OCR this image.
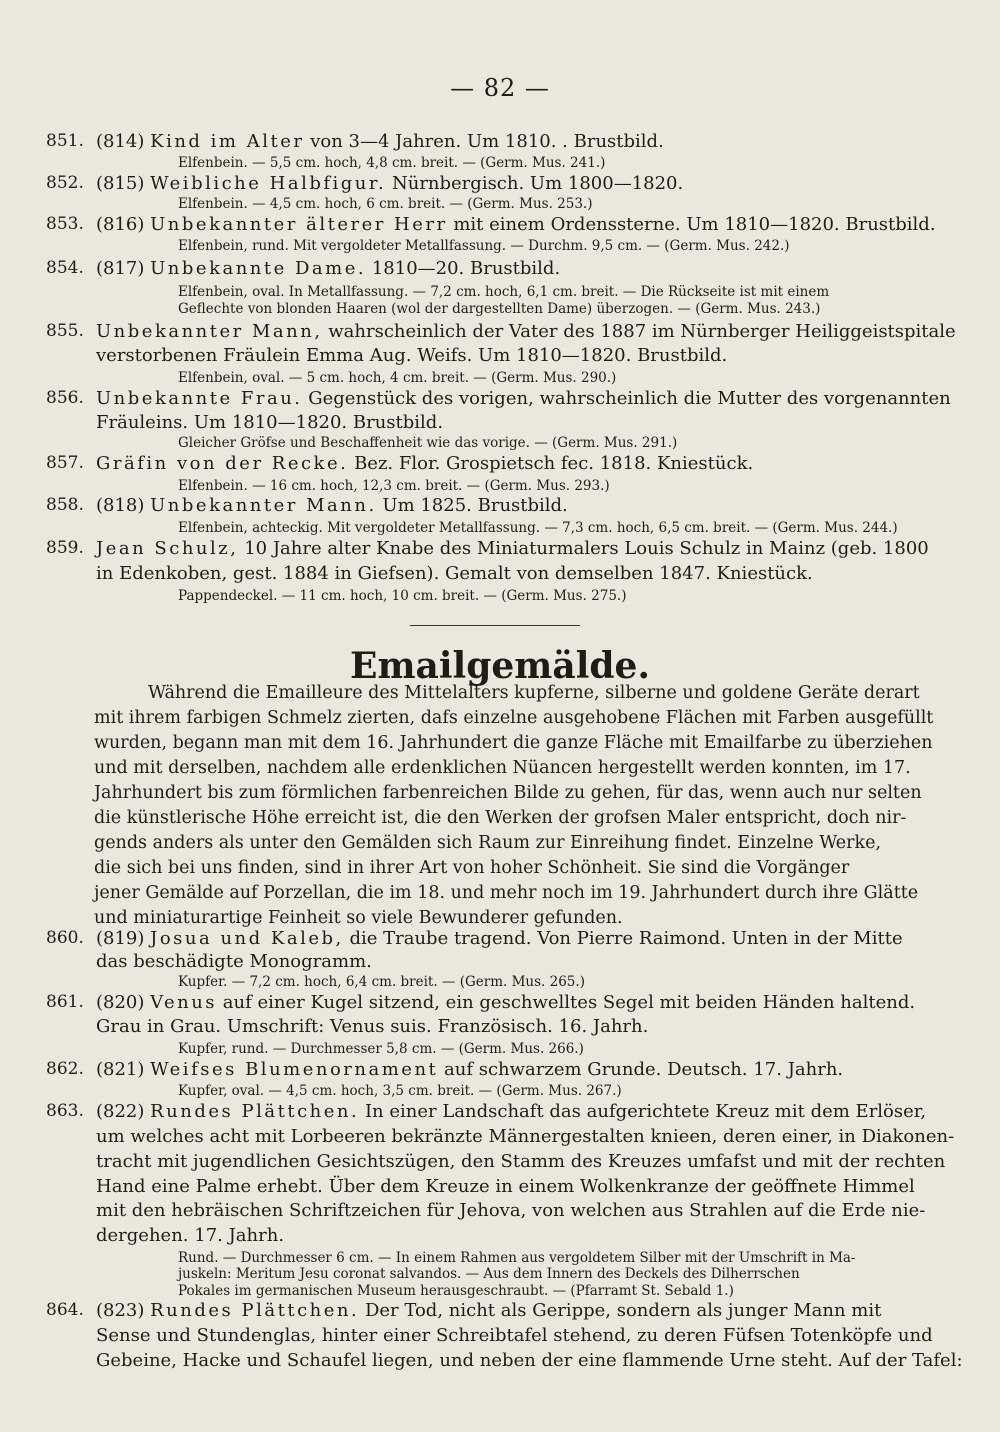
— 82 —
851. (814) Kind im Alter von 3—4 Jahren. Um 1810. . Brustbild.
Elfenbein. — 5,5 cm. hoch, 4,8 cm. breit. — (Germ. Mus. 241.)
852. (815) Weibliche Halbfigur. Nürnbergisch. Um 1800—1820.
Elfenbein. — 4,5 cm. hoch, 6 cm. breit. — (Germ. Mus. 253.)
853. (816) Unbekannter älterer Herr mit einem Ordenssterne. Um 1810—1820. Brustbild.
Elfenbein, rund. Mit vergoldeter Metallfassung. — Durchm. 9,5 cm. — (Germ. Mus. 242.)
854. (817) Unbekannte Dame. 1810—20. Brustbild.
Elfenbein, oval. In Metallfassung. — 7,2 cm. hoch, 6,1 cm. breit. — Die Rückseite ist mit einem
Geflechte von blonden Haaren (wol der dargestellten Dame) überzogen. — (Germ. Mus. 243.)
855. Unbekannter Mann, wahrscheinlich der Vater des 1887 im Nürnberger Heiliggeistspitale
verstorbenen Fräulein Emma Aug. Weifs. Um 1810—1820. Brustbild.
Elfenbein, oval. — 5 cm. hoch, 4 cm. breit. — (Germ. Mus. 290.)
856. Unbekannte Frau. Gegenstück des vorigen, wahrscheinlich die Mutter des vorgenannten
Fräuleins. Um 1810—1820. Brustbild.
Gleicher Gröfse und Beschaffenheit wie das vorige. — (Germ. Mus. 291.)
857. Gräfin von der Recke. Bez. Flor. Grospietsch fec. 1818. Kniestück.
Elfenbein. — 16 cm. hoch, 12,3 cm. breit. — (Germ. Mus. 293.)
858. (818) Unbekannter Mann. Um 1825. Brustbild.
Elfenbein, achteckig. Mit vergoldeter Metallfassung. — 7,3 cm. hoch, 6,5 cm. breit. — (Germ. Mus. 244.)
859. Jean Schulz, 10 Jahre alter Knabe des Miniaturmalers Louis Schulz in Mainz (geb. 1800
in Edenkoben, gest. 1884 in Giefsen). Gemalt von demselben 1847. Kniestück.
Pappendeckel. — 11 cm. hoch, 10 cm. breit. — (Germ. Mus. 275.)
Emailgemälde.
Während die Emailleure des Mittelalters kupferne, silberne und goldene Geräte derart
mit ihrem farbigen Schmelz zierten, dafs einzelne ausgehobene Flächen mit Farben ausgefüllt
wurden, begann man mit dem 16. Jahrhundert die ganze Fläche mit Emailfarbe zu überziehen
und mit derselben, nachdem alle erdenklichen Nüancen hergestellt werden konnten, im 17.
Jahrhundert bis zum förmlichen farbenreichen Bilde zu gehen, für das, wenn auch nur selten
die künstlerische Höhe erreicht ist, die den Werken der grofsen Maler entspricht, doch nir-
gends anders als unter den Gemälden sich Raum zur Einreihung findet. Einzelne Werke,
die sich bei uns finden, sind in ihrer Art von hoher Schönheit. Sie sind die Vorgänger
jener Gemälde auf Porzellan, die im 18. und mehr noch im 19. Jahrhundert durch ihre Glätte
und miniaturartige Feinheit so viele Bewunderer gefunden.
860. (819) Josua und Kaleb, die Traube tragend. Von Pierre Raimond. Unten in der Mitte
das beschädigte Monogramm.
Kupfer. — 7,2 cm. hoch, 6,4 cm. breit. — (Germ. Mus. 265.)
861. (820) Venus auf einer Kugel sitzend, ein geschwelltes Segel mit beiden Händen haltend.
Grau in Grau. Umschrift: Venus suis. Französisch. 16. Jahrh.
Kupfer, rund. — Durchmesser 5,8 cm. — (Germ. Mus. 266.)
862. (821) Weifses Blumenornament auf schwarzem Grunde. Deutsch. 17. Jahrh.
Kupfer, oval. — 4,5 cm. hoch, 3,5 cm. breit. — (Germ. Mus. 267.)
863. (822) Rundes Plättchen. In einer Landschaft das aufgerichtete Kreuz mit dem Erlöser,
um welches acht mit Lorbeeren bekränzte Männergestalten knieen, deren einer, in Diakonen-
tracht mit jugendlichen Gesichtszügen, den Stamm des Kreuzes umfafst und mit der rechten
Hand eine Palme erhebt. Über dem Kreuze in einem Wolkenkranze der geöffnete Himmel
mit den hebräischen Schriftzeichen für Jehova, von welchen aus Strahlen auf die Erde nie-
dergehen. 17. Jahrh.
Rund. — Durchmesser 6 cm. — In einem Rahmen aus vergoldetem Silber mit der Umschrift in Ma-
juskeln: Meritum Jesu coronat salvandos. — Aus dem Innern des Deckels des Dilherrschen
Pokales im germanischen Museum herausgeschraubt. — (Pfarramt St. Sebald 1.)
864. (823) Rundes Plättchen. Der Tod, nicht als Gerippe, sondern als junger Mann mit
Sense und Stundenglas, hinter einer Schreibtafel stehend, zu deren Füfsen Totenköpfe und
Gebeine, Hacke und Schaufel liegen, und neben der eine flammende Urne steht. Auf der Tafel:
